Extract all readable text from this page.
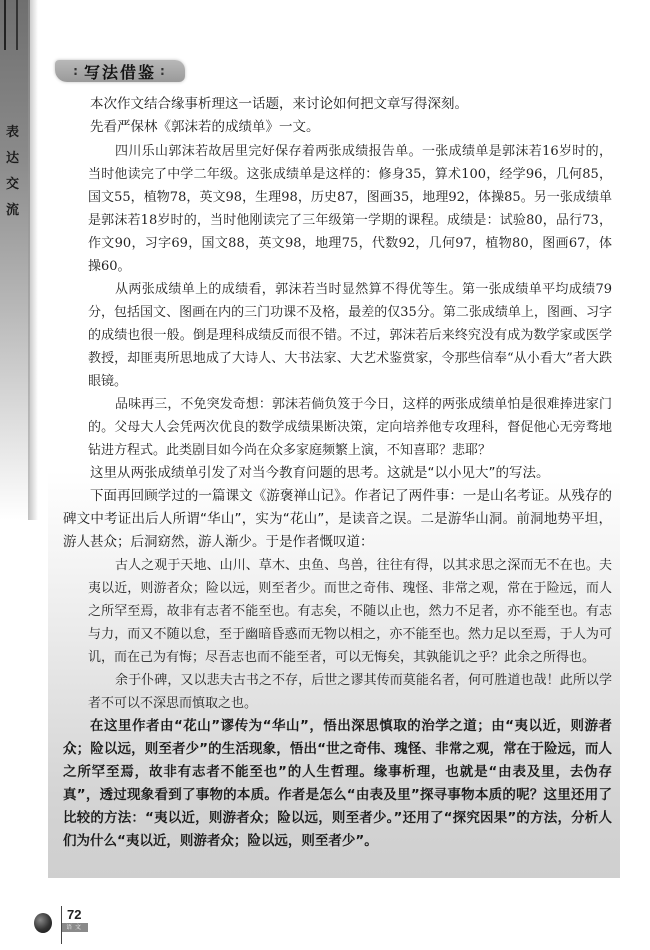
表
达
交
流
: 写法借鉴 :

本次作文结合缘事析理这一话题，来讨论如何把文章写得深刻。

先看严保林《郭沫若的成绩单》一文。

四川乐山郭沫若故居里完好保存着两张成绩报告单。一张成绩单是郭沫若16岁时的，当时他读完了中学二年级。这张成绩单是这样的：修身35，算术100，经学96，几何85，国文55，植物78，英文98，生理98，历史87，图画35，地理92，体操85。另一张成绩单是郭沫若18岁时的，当时他刚读完了三年级第一学期的课程。成绩是：试验80，品行73，作文90，习字69，国文88，英文98，地理75，代数92，几何97，植物80，图画67，体操60。

从两张成绩单上的成绩看，郭沫若当时显然算不得优等生。第一张成绩单平均成绩79分，包括国文、图画在内的三门功课不及格，最差的仅35分。第二张成绩单上，图画、习字的成绩也很一般。倒是理科成绩反而很不错。不过，郭沫若后来终究没有成为数学家或医学教授，却匪夷所思地成了大诗人、大书法家、大艺术鉴赏家，令那些信奉“从小看大”者大跌眼镜。

品味再三，不免突发奇想：郭沫若倘负笈于今日，这样的两张成绩单怕是很难捧进家门的。父母大人会凭两次优良的数学成绩果断决策，定向培养他专攻理科，督促他心无旁骛地钻进方程式。此类剧目如今尚在众多家庭频繁上演，不知喜耶？悲耶？

这里从两张成绩单引发了对当今教育问题的思考。这就是“以小见大”的写法。

下面再回顾学过的一篇课文《游褒禅山记》。作者记了两件事：一是山名考证。从残存的碑文中考证出后人所谓“华山”，实为“花山”，是读音之误。二是游华山洞。前洞地势平坦，游人甚众；后洞窈然，游人渐少。于是作者慨叹道：

古人之观于天地、山川、草木、虫鱼、鸟兽，往往有得，以其求思之深而无不在也。夫夷以近，则游者众；险以远，则至者少。而世之奇伟、瑰怪、非常之观，常在于险远，而人之所罕至焉，故非有志者不能至也。有志矣，不随以止也，然力不足者，亦不能至也。有志与力，而又不随以怠，至于幽暗昏惑而无物以相之，亦不能至也。然力足以至焉，于人为可讥，而在己为有悔；尽吾志也而不能至者，可以无悔矣，其孰能讥之乎？此余之所得也。

余于仆碑，又以悲夫古书之不存，后世之谬其传而莫能名者，何可胜道也哉！此所以学者不可以不深思而慎取之也。

在这里作者由“花山”谬传为“华山”，悟出深思慎取的治学之道；由“夷以近，则游者众；险以远，则至者少”的生活现象，悟出“世之奇伟、瑰怪、非常之观，常在于险远，而人之所罕至焉，故非有志者不能至也”的人生哲理。缘事析理，也就是“由表及里，去伪存真”，透过现象看到了事物的本质。作者是怎么“由表及里”探寻事物本质的呢？这里还用了比较的方法：“夷以近，则游者众；险以远，则至者少。”还用了“探究因果”的方法，分析人们为什么“夷以近，则游者众；险以远，则至者少”。

72
语文
